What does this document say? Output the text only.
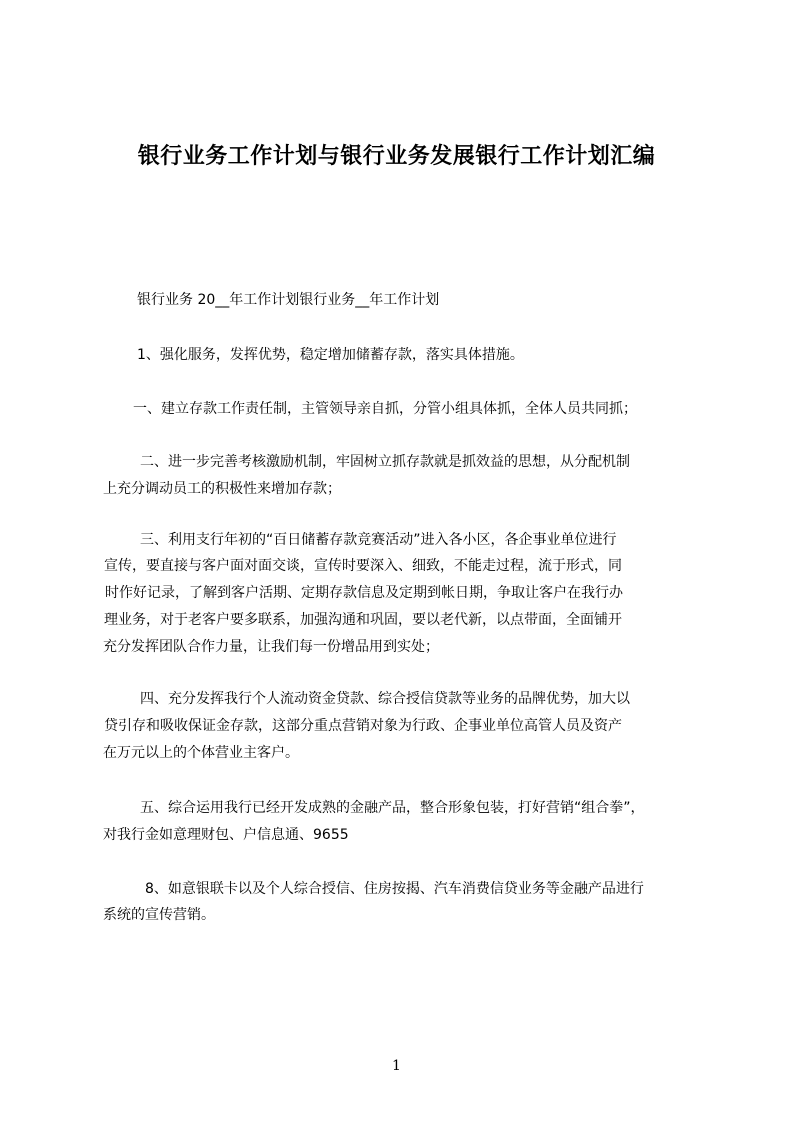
银行业务工作计划与银行业务发展银行工作计划汇编
银行业务 20__年工作计划银行业务__年工作计划
1、强化服务，发挥优势，稳定增加储蓄存款，落实具体措施。
一、建立存款工作责任制，主管领导亲自抓，分管小组具体抓，全体人员共同抓；
二、进一步完善考核激励机制，牢固树立抓存款就是抓效益的思想，从分配机制
上充分调动员工的积极性来增加存款；
三、利用支行年初的“百日储蓄存款竞赛活动”进入各小区，各企事业单位进行
宣传，要直接与客户面对面交谈，宣传时要深入、细致，不能走过程，流于形式，同
时作好记录，了解到客户活期、定期存款信息及定期到帐日期，争取让客户在我行办
理业务，对于老客户要多联系，加强沟通和巩固，要以老代新，以点带面，全面铺开
充分发挥团队合作力量，让我们每一份增品用到实处；
四、充分发挥我行个人流动资金贷款、综合授信贷款等业务的品牌优势，加大以
贷引存和吸收保证金存款，这部分重点营销对象为行政、企事业单位高管人员及资产
在万元以上的个体营业主客户。
五、综合运用我行已经开发成熟的金融产品，整合形象包装，打好营销“组合拳”，
对我行金如意理财包、户信息通、9655
8、如意银联卡以及个人综合授信、住房按揭、汽车消费信贷业务等金融产品进行
系统的宣传营销。
1
